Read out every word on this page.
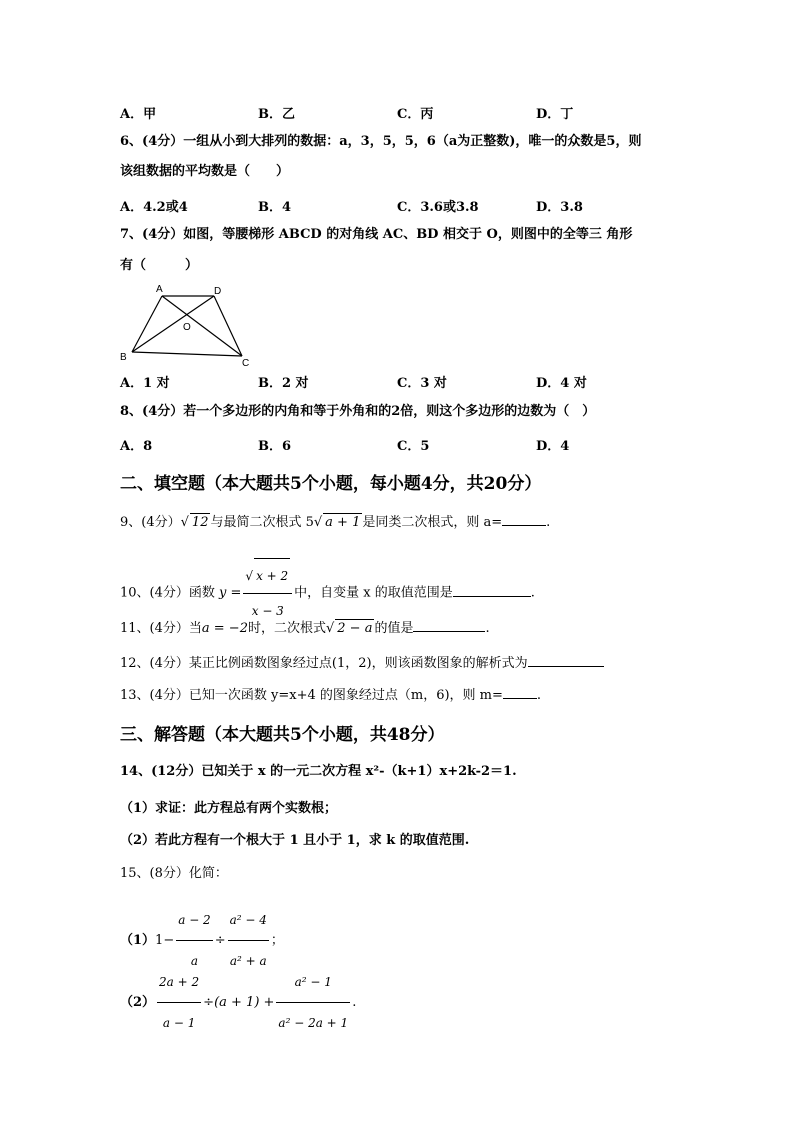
A．甲	B．乙	C．丙	D．丁
6、(4分）一组从小到大排列的数据：a，3，5，5，6（a为正整数)，唯一的众数是5，则
该组数据的平均数是（　　）
A．4.2或4	B．4	C．3.6或3.8	D．3.8
7、(4分）如图，等腰梯形 ABCD 的对角线 AC、BD 相交于 O，则图中的全等三 角形
有（　　　）
A	D
O
B
C
A．1 对	B．2 对	C．3 对	D．4 对
8、(4分）若一个多边形的内角和等于外角和的2倍，则这个多边形的边数为（　）
A．8	B．6	C．5	D．4
二、填空题（本大题共5个小题，每小题4分，共20分）
9、(4分）√ 12 与最简二次根式 5√ a + 1 是同类二次根式，则 a=	.
10、(4分）函数 $y = \frac{√ x + 2}{x - 3}$ 中，自变量 x 的取值范围是	.
11、(4分）当a = −2时，二次根式√ 2 − a 的值是	.
12、(4分）某正比例函数图象经过点(1，2)，则该函数图象的解析式为
13、(4分）已知一次函数 y=x+4 的图象经过点（m，6)，则 m=	.
三、解答题（本大题共5个小题，共48分）
14、(12分）已知关于 x 的一元二次方程 x²-（k+1）x+2k-2＝1.
（1）求证：此方程总有两个实数根；
（2）若此方程有一个根大于 1 且小于 1，求 k 的取值范围.
15、(8分）化简：
$(1)1- \frac{a - 2}{a} \div \frac{\text{a² − 4}}{\text{a² + a}}$ ；
$(2) \frac{2a + 2}{a - 1} \div(a + 1) + \frac{\text{a² − 1}}{\text{a² − 2a + 1}}$ .
